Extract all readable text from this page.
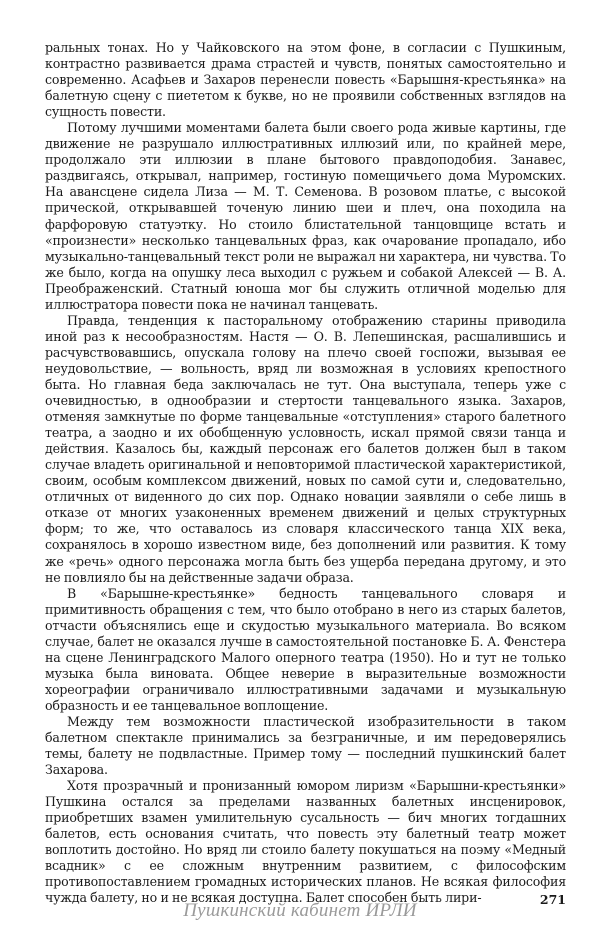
ральных тонах. Но у Чайковского на этом фоне, в согласии с Пушкиным, контрастно развивается драма страстей и чувств, понятых самостоятельно и современно. Асафьев и Захаров перенесли повесть «Барышня-крестьянка» на балетную сцену с пиететом к букве, но не проявили собственных взглядов на сущность повести.

Потому лучшими моментами балета были своего рода живые картины, где движение не разрушало иллюстративных иллюзий или, по крайней мере, продолжало эти иллюзии в плане бытового правдоподобия. Занавес, раздвигаясь, открывал, например, гостиную помещичьего дома Муромских. На авансцене сидела Лиза — М. Т. Семенова. В розовом платье, с высокой прической, открывавшей точеную линию шеи и плеч, она походила на фарфоровую статуэтку. Но стоило блистательной танцовщице встать и «произнести» несколько танцевальных фраз, как очарование пропадало, ибо музыкально-танцевальный текст роли не выражал ни характера, ни чувства. То же было, когда на опушку леса выходил с ружьем и собакой Алексей — В. А. Преображенский. Статный юноша мог бы служить отличной моделью для иллюстратора повести пока не начинал танцевать.

Правда, тенденция к пасторальному отображению старины приводила иной раз к несообразностям. Настя — О. В. Лепешинская, расшалившись и расчувствовавшись, опускала голову на плечо своей госпожи, вызывая ее неудовольствие, — вольность, вряд ли возможная в условиях крепостного быта. Но главная беда заключалась не тут. Она выступала, теперь уже с очевидностью, в однообразии и стертости танцевального языка. Захаров, отменяя замкнутые по форме танцевальные «отступления» старого балетного театра, а заодно и их обобщенную условность, искал прямой связи танца и действия. Казалось бы, каждый персонаж его балетов должен был в таком случае владеть оригинальной и неповторимой пластической характеристикой, своим, особым комплексом движений, новых по самой сути и, следовательно, отличных от виденного до сих пор. Однако новации заявляли о себе лишь в отказе от многих узаконенных временем движений и целых структурных форм; то же, что оставалось из словаря классического танца XIX века, сохранялось в хорошо известном виде, без дополнений или развития. К тому же «речь» одного персонажа могла быть без ущерба передана другому, и это не повлияло бы на действенные задачи образа.

В «Барышне-крестьянке» бедность танцевального словаря и примитивность обращения с тем, что было отобрано в него из старых балетов, отчасти объяснялись еще и скудостью музыкального материала. Во всяком случае, балет не оказался лучше в самостоятельной постановке Б. А. Фенстера на сцене Ленинградского Малого оперного театра (1950). Но и тут не только музыка была виновата. Общее неверие в выразительные возможности хореографии ограничивало иллюстративными задачами и музыкальную образность и ее танцевальное воплощение.

Между тем возможности пластической изобразительности в таком балетном спектакле принимались за безграничные, и им передоверялись темы, балету не подвластные. Пример тому — последний пушкинский балет Захарова.

Хотя прозрачный и пронизанный юмором лиризм «Барышни-крестьянки» Пушкина остался за пределами названных балетных инсценировок, приобретших взамен умилительную сусальность — бич многих тогдашних балетов, есть основания считать, что повесть эту балетный театр может воплотить достойно. Но вряд ли стоило балету покушаться на поэму «Медный всадник» с ее сложным внутренним развитием, с философским противопоставлением громадных исторических планов. Не всякая философия чужда балету, но и не всякая доступна. Балет способен быть лири-	271
Пушкинский кабинет ИРЛИ
